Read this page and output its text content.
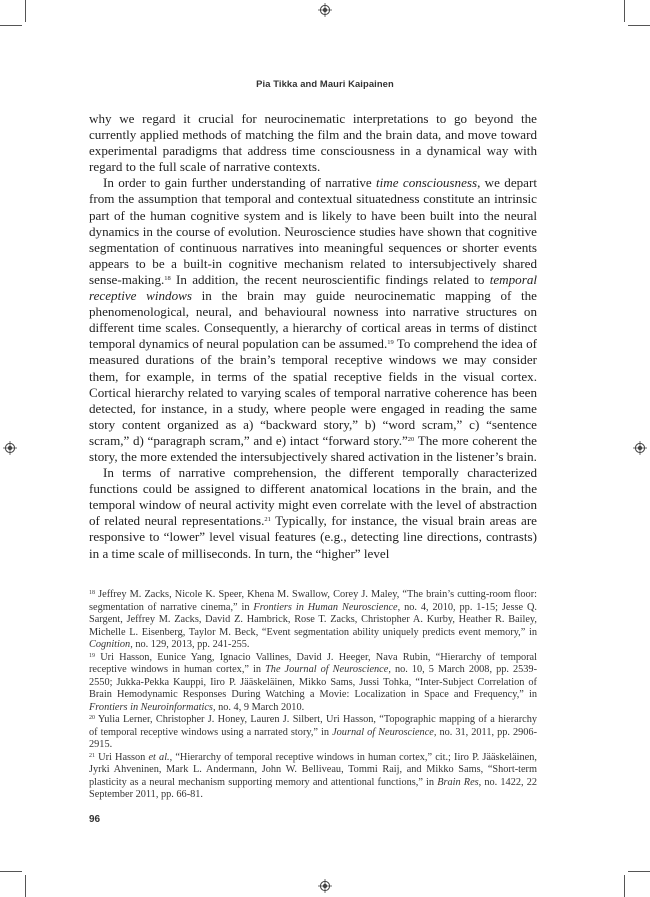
Pia Tikka and Mauri Kaipainen

why we regard it crucial for neurocinematic interpretations to go beyond the currently applied methods of matching the film and the brain data, and move toward experimental paradigms that address time consciousness in a dynamical way with regard to the full scale of narrative contexts.

In order to gain further understanding of narrative time consciousness, we depart from the assumption that temporal and contextual situatedness constitute an intrinsic part of the human cognitive system and is likely to have been built into the neural dynamics in the course of evolution. Neuroscience studies have shown that cognitive segmentation of continuous narratives into meaningful sequences or shorter events appears to be a built-in cognitive mechanism related to intersubjectively shared sense-making.$^{18}$ In addition, the recent neuroscientific findings related to temporal receptive windows in the brain may guide neurocinematic mapping of the phenomenological, neural, and behavioural nowness into narrative structures on different time scales. Consequently, a hierarchy of cortical areas in terms of distinct temporal dynamics of neural population can be assumed.$^{19}$ To comprehend the idea of measured durations of the brain’s temporal receptive windows we may consider them, for example, in terms of the spatial receptive fields in the visual cortex. Cortical hierarchy related to varying scales of temporal narrative coherence has been detected, for instance, in a study, where people were engaged in reading the same story content organized as a) “backward story,” b) “word scram,” c) “sentence scram,” d) “paragraph scram,” and e) intact “forward story.”$^{20}$ The more coherent the story, the more extended the intersubjectively shared activation in the listener’s brain.

In terms of narrative comprehension, the different temporally characterized functions could be assigned to different anatomical locations in the brain, and the temporal window of neural activity might even correlate with the level of abstraction of related neural representations.$^{21}$ Typically, for instance, the visual brain areas are responsive to “lower” level visual features (e.g., detecting line directions, contrasts) in a time scale of milliseconds. In turn, the “higher” level

$^{18}$ Jeffrey M. Zacks, Nicole K. Speer, Khena M. Swallow, Corey J. Maley, “The brain’s cutting-room floor: segmentation of narrative cinema,” in Frontiers in Human Neuroscience, no. 4, 2010, pp. 1-15; Jesse Q. Sargent, Jeffrey M. Zacks, David Z. Hambrick, Rose T. Zacks, Christopher A. Kurby, Heather R. Bailey, Michelle L. Eisenberg, Taylor M. Beck, “Event segmentation ability uniquely predicts event memory,” in Cognition, no. 129, 2013, pp. 241-255.

$^{19}$ Uri Hasson, Eunice Yang, Ignacio Vallines, David J. Heeger, Nava Rubin, “Hierarchy of temporal receptive windows in human cortex,” in The Journal of Neuroscience, no. 10, 5 March 2008, pp. 2539-2550; Jukka-Pekka Kauppi, Iiro P. Jääskeläinen, Mikko Sams, Jussi Tohka, “Inter-Subject Correlation of Brain Hemodynamic Responses During Watching a Movie: Localization in Space and Frequency,” in Frontiers in Neuroinformatics, no. 4, 9 March 2010.

$^{20}$ Yulia Lerner, Christopher J. Honey, Lauren J. Silbert, Uri Hasson, “Topographic mapping of a hierarchy of temporal receptive windows using a narrated story,” in Journal of Neuroscience, no. 31, 2011, pp. 2906-2915.

$^{21}$ Uri Hasson et al., “Hierarchy of temporal receptive windows in human cortex,” cit.; Iiro P. Jääskeläinen, Jyrki Ahveninen, Mark L. Andermann, John W. Belliveau, Tommi Raij, and Mikko Sams, “Short-term plasticity as a neural mechanism supporting memory and attentional functions,” in Brain Res, no. 1422, 22 September 2011, pp. 66-81.

96
